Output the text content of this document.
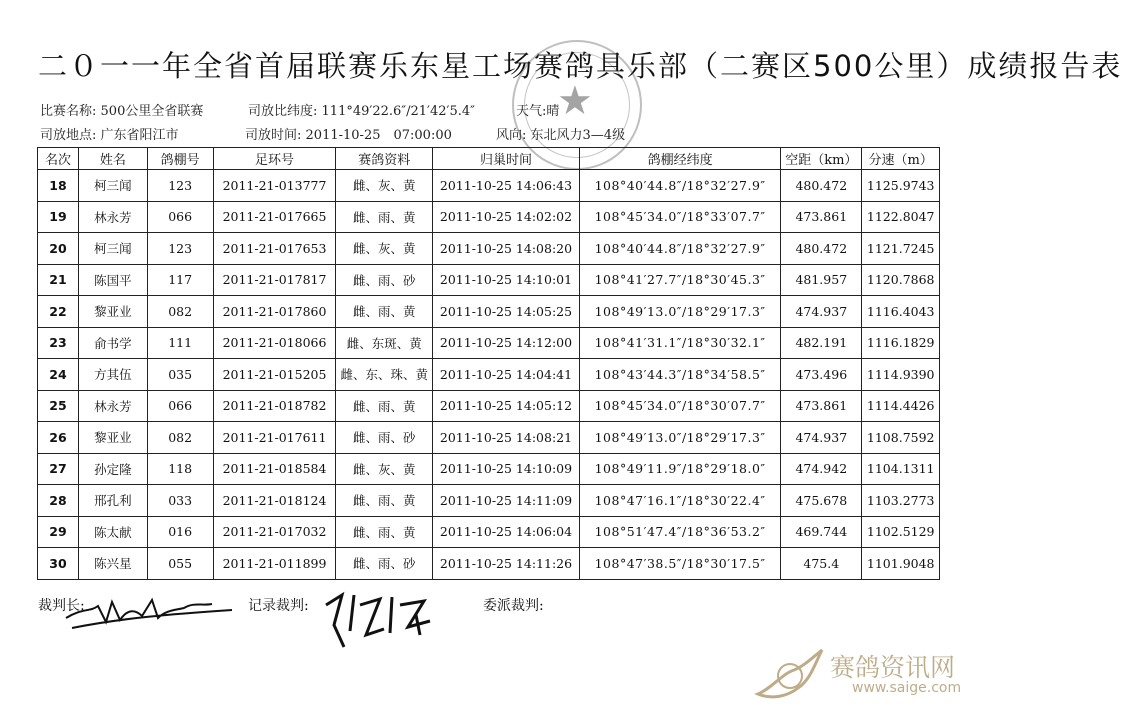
二０一一年全省首届联赛乐东星工场赛鸽具乐部（二赛区500公里）成绩报告表
★
比赛名称: 500公里全省联赛	司放比纬度: 111°49′22.6″/21′42′5.4″	天气:晴
司放地点: 广东省阳江市	司放时间: 2011-10-25　07:00:00	风向: 东北风力3—4级
名次	姓名	鸽棚号	足环号	赛鸽资料	归巢时间	鸽棚经纬度	空距（km）	分速（m）
18	柯三闻	123	2011-21-013777	雌、灰、黄	2011-10-25 14:06:43	108°40′44.8″/18°32′27.9″	480.472	1125.9743
19	林永芳	066	2011-21-017665	雌、雨、黄	2011-10-25 14:02:02	108°45′34.0″/18°33′07.7″	473.861	1122.8047
20	柯三闻	123	2011-21-017653	雌、灰、黄	2011-10-25 14:08:20	108°40′44.8″/18°32′27.9″	480.472	1121.7245
21	陈国平	117	2011-21-017817	雌、雨、砂	2011-10-25 14:10:01	108°41′27.7″/18°30′45.3″	481.957	1120.7868
22	黎亚业	082	2011-21-017860	雌、雨、黄	2011-10-25 14:05:25	108°49′13.0″/18°29′17.3″	474.937	1116.4043
23	俞书学	111	2011-21-018066	雌、东斑、黄	2011-10-25 14:12:00	108°41′31.1″/18°30′32.1″	482.191	1116.1829
24	方其伍	035	2011-21-015205	雌、东、珠、黄	2011-10-25 14:04:41	108°43′44.3″/18°34′58.5″	473.496	1114.9390
25	林永芳	066	2011-21-018782	雌、雨、黄	2011-10-25 14:05:12	108°45′34.0″/18°30′07.7″	473.861	1114.4426
26	黎亚业	082	2011-21-017611	雌、雨、砂	2011-10-25 14:08:21	108°49′13.0″/18°29′17.3″	474.937	1108.7592
27	孙定隆	118	2011-21-018584	雌、灰、黄	2011-10-25 14:10:09	108°49′11.9″/18°29′18.0″	474.942	1104.1311
28	邢孔利	033	2011-21-018124	雌、雨、黄	2011-10-25 14:11:09	108°47′16.1″/18°30′22.4″	475.678	1103.2773
29	陈太献	016	2011-21-017032	雌、雨、黄	2011-10-25 14:06:04	108°51′47.4″/18°36′53.2″	469.744	1102.5129
30	陈兴星	055	2011-21-011899	雌、雨、砂	2011-10-25 14:11:26	108°47′38.5″/18°30′17.5″	475.4	1101.9048
裁判长:	记录裁判:	委派裁判:
赛鸽资讯网
www.saige.com
